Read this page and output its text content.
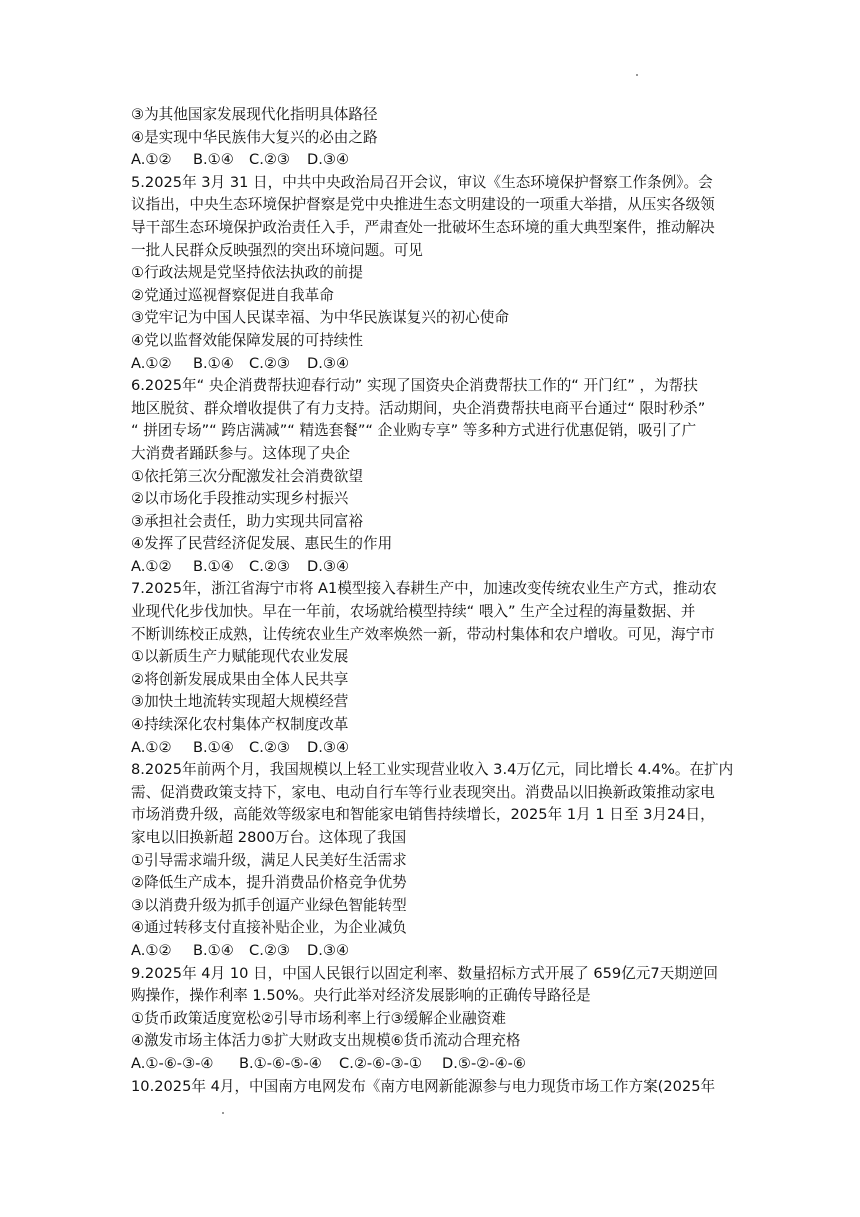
③为其他国家发展现代化指明具体路径
④是实现中华民族伟大复兴的必由之路
A.①②	B.①④	C.②③	D.③④
5.2025年 3月 31 日，中共中央政治局召开会议，审议《生态环境保护督察工作条例》。会
议指出，中央生态环境保护督察是党中央推进生态文明建设的一项重大举措，从压实各级领
导干部生态环境保护政治责任入手，严肃查处一批破坏生态环境的重大典型案件，推动解决
一批人民群众反映强烈的突出环境问题。可见
①行政法规是党坚持依法执政的前提
②党通过巡视督察促进自我革命
③党牢记为中国人民谋幸福、为中华民族谋复兴的初心使命
④党以监督效能保障发展的可持续性
A.①②	B.①④	C.②③	D.③④
6.2025年“ 央企消费帮扶迎春行动” 实现了国资央企消费帮扶工作的“ 开门红” ，为帮扶
地区脱贫、群众增收提供了有力支持。活动期间，央企消费帮扶电商平台通过“ 限时秒杀”
“ 拼团专场”“ 跨店满减”“ 精选套餐”“ 企业购专享” 等多种方式进行优惠促销，吸引了广
大消费者踊跃参与。这体现了央企
①依托第三次分配激发社会消费欲望
②以市场化手段推动实现乡村振兴
③承担社会责任，助力实现共同富裕
④发挥了民营经济促发展、惠民生的作用
A.①②	B.①④	C.②③	D.③④
7.2025年，浙江省海宁市将 A1模型接入春耕生产中，加速改变传统农业生产方式，推动农
业现代化步伐加快。早在一年前，农场就给模型持续“ 喂入” 生产全过程的海量数据、并
不断训练校正成熟，让传统农业生产效率焕然一新，带动村集体和农户增收。可见，海宁市
①以新质生产力赋能现代农业发展
②将创新发展成果由全体人民共享
③加快土地流转实现超大规模经营
④持续深化农村集体产权制度改革
A.①②	B.①④	C.②③	D.③④
8.2025年前两个月，我国规模以上轻工业实现营业收入 3.4万亿元，同比增长 4.4%。在扩内
需、促消费政策支持下，家电、电动自行车等行业表现突出。消费品以旧换新政策推动家电
市场消费升级，高能效等级家电和智能家电销售持续增长，2025年 1月 1 日至 3月24日，
家电以旧换新超 2800万台。这体现了我国
①引导需求端升级，满足人民美好生活需求
②降低生产成本，提升消费品价格竞争优势
③以消费升级为抓手创逼产业绿色智能转型
④通过转移支付直接补贴企业，为企业减负
A.①②	B.①④	C.②③	D.③④
9.2025年 4月 10 日，中国人民银行以固定利率、数量招标方式开展了 659亿元7天期逆回
购操作，操作利率 1.50%。央行此举对经济发展影响的正确传导路径是
①货币政策适度宽松②引导市场利率上行③缓解企业融资难
④激发市场主体活力⑤扩大财政支出规模⑥货币流动合理充格
A.①-⑥-③-④	B.①-⑥-⑤-④	C.②-⑥-③-①	D.⑤-②-④-⑥
10.2025年 4月，中国南方电网发布《南方电网新能源参与电力现货市场工作方案(2025年
